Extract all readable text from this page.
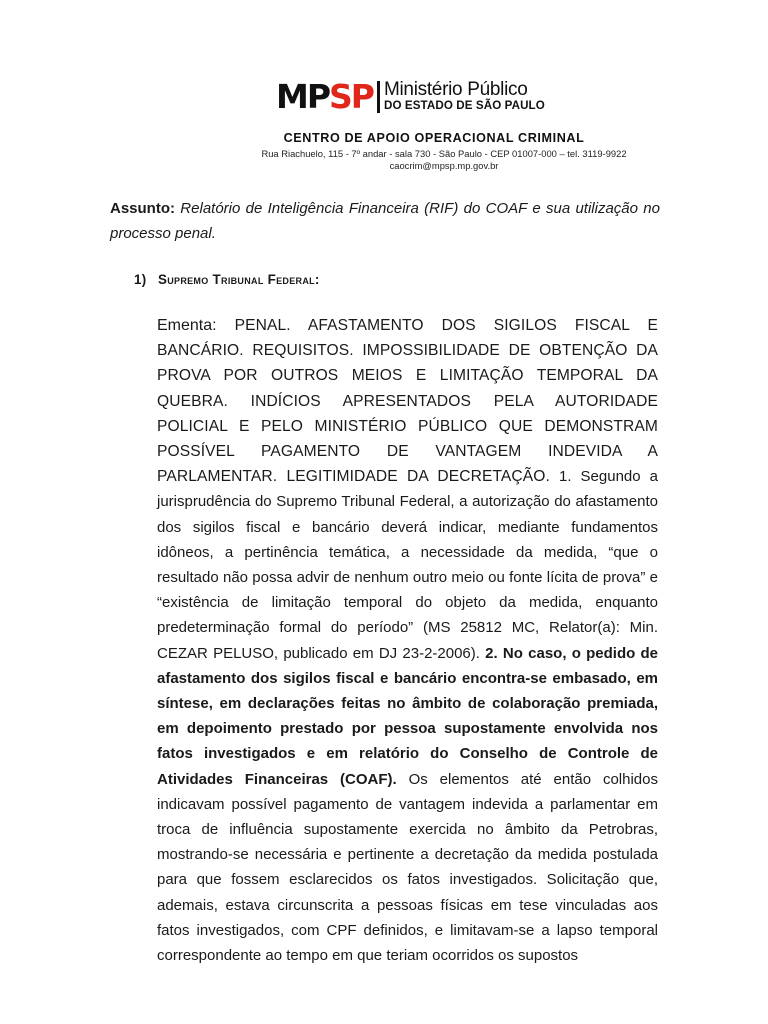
MP SP Ministério Público
DO ESTADO DE SÃO PAULO
CENTRO DE APOIO OPERACIONAL CRIMINAL
Rua Riachuelo, 115 - 7º andar - sala 730 - São Paulo - CEP 01007-000 – tel. 3119-9922
caocrim@mpsp.mp.gov.br
Assunto: Relatório de Inteligência Financeira (RIF) do COAF e sua utilização no processo penal.
1) Supremo Tribunal Federal:
Ementa: PENAL. AFASTAMENTO DOS SIGILOS FISCAL E BANCÁRIO. REQUISITOS. IMPOSSIBILIDADE DE OBTENÇÃO DA PROVA POR OUTROS MEIOS E LIMITAÇÃO TEMPORAL DA QUEBRA. INDÍCIOS APRESENTADOS PELA AUTORIDADE POLICIAL E PELO MINISTÉRIO PÚBLICO QUE DEMONSTRAM POSSÍVEL PAGAMENTO DE VANTAGEM INDEVIDA A PARLAMENTAR. LEGITIMIDADE DA DECRETAÇÃO. 1. Segundo a jurisprudência do Supremo Tribunal Federal, a autorização do afastamento dos sigilos fiscal e bancário deverá indicar, mediante fundamentos idôneos, a pertinência temática, a necessidade da medida, “que o resultado não possa advir de nenhum outro meio ou fonte lícita de prova” e “existência de limitação temporal do objeto da medida, enquanto predeterminação formal do período” (MS 25812 MC, Relator(a): Min. CEZAR PELUSO, publicado em DJ 23-2-2006). 2. No caso, o pedido de afastamento dos sigilos fiscal e bancário encontra-se embasado, em síntese, em declarações feitas no âmbito de colaboração premiada, em depoimento prestado por pessoa supostamente envolvida nos fatos investigados e em relatório do Conselho de Controle de Atividades Financeiras (COAF). Os elementos até então colhidos indicavam possível pagamento de vantagem indevida a parlamentar em troca de influência supostamente exercida no âmbito da Petrobras, mostrando-se necessária e pertinente a decretação da medida postulada para que fossem esclarecidos os fatos investigados. Solicitação que, ademais, estava circunscrita a pessoas físicas em tese vinculadas aos fatos investigados, com CPF definidos, e limitavam-se a lapso temporal correspondente ao tempo em que teriam ocorridos os supostos
